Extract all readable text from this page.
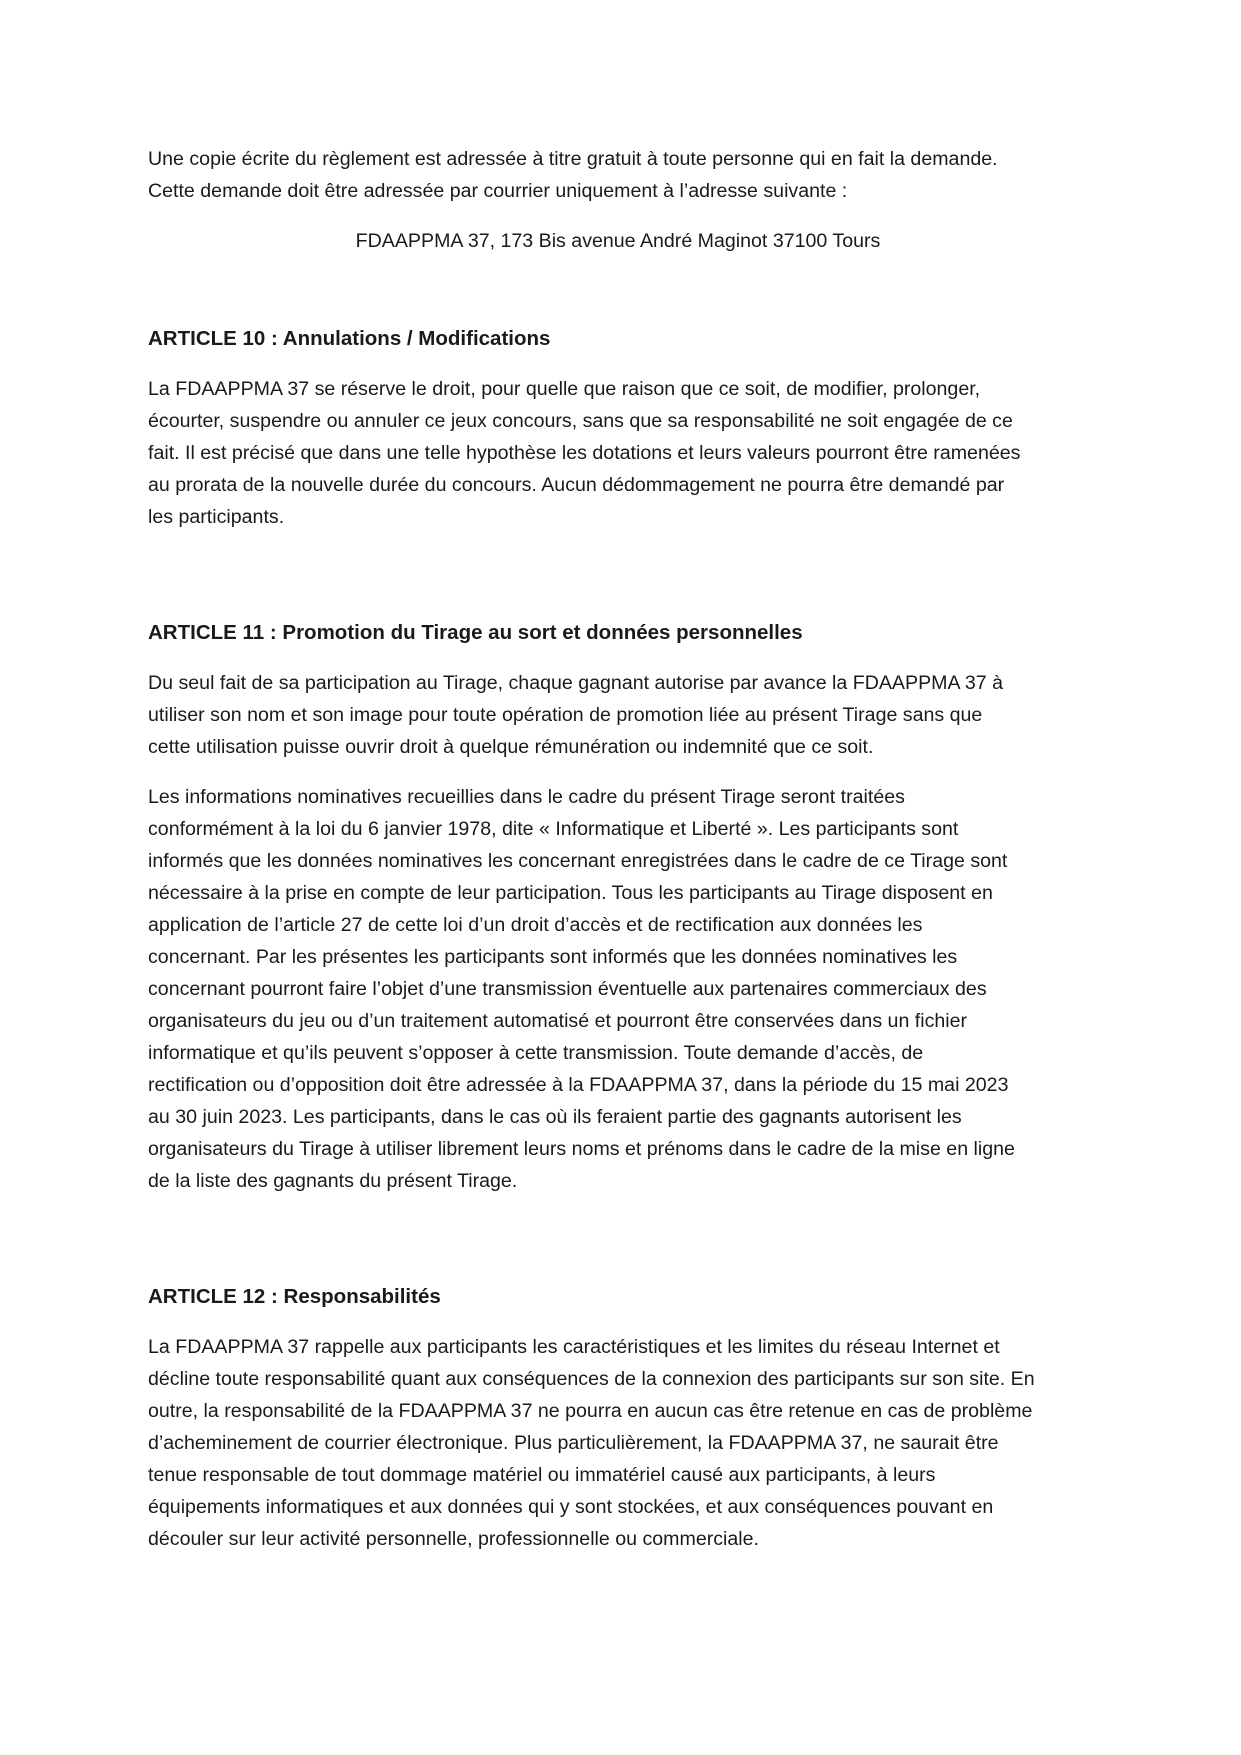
Une copie écrite du règlement est adressée à titre gratuit à toute personne qui en fait la demande.
Cette demande doit être adressée par courrier uniquement à l’adresse suivante :
FDAAPPMA 37, 173 Bis avenue André Maginot 37100 Tours
ARTICLE 10 : Annulations / Modifications
La FDAAPPMA 37 se réserve le droit, pour quelle que raison que ce soit, de modifier, prolonger,
écourter, suspendre ou annuler ce jeux concours, sans que sa responsabilité ne soit engagée de ce
fait. Il est précisé que dans une telle hypothèse les dotations et leurs valeurs pourront être ramenées
au prorata de la nouvelle durée du concours. Aucun dédommagement ne pourra être demandé par
les participants.
ARTICLE 11 : Promotion du Tirage au sort et données personnelles
Du seul fait de sa participation au Tirage, chaque gagnant autorise par avance la FDAAPPMA 37 à
utiliser son nom et son image pour toute opération de promotion liée au présent Tirage sans que
cette utilisation puisse ouvrir droit à quelque rémunération ou indemnité que ce soit.
Les informations nominatives recueillies dans le cadre du présent Tirage seront traitées
conformément à la loi du 6 janvier 1978, dite « Informatique et Liberté ». Les participants sont
informés que les données nominatives les concernant enregistrées dans le cadre de ce Tirage sont
nécessaire à la prise en compte de leur participation. Tous les participants au Tirage disposent en
application de l’article 27 de cette loi d’un droit d’accès et de rectification aux données les
concernant. Par les présentes les participants sont informés que les données nominatives les
concernant pourront faire l’objet d’une transmission éventuelle aux partenaires commerciaux des
organisateurs du jeu ou d’un traitement automatisé et pourront être conservées dans un fichier
informatique et qu’ils peuvent s’opposer à cette transmission. Toute demande d’accès, de
rectification ou d’opposition doit être adressée à la FDAAPPMA 37, dans la période du 15 mai 2023
au 30 juin 2023. Les participants, dans le cas où ils feraient partie des gagnants autorisent les
organisateurs du Tirage à utiliser librement leurs noms et prénoms dans le cadre de la mise en ligne
de la liste des gagnants du présent Tirage.
ARTICLE 12 : Responsabilités
La FDAAPPMA 37 rappelle aux participants les caractéristiques et les limites du réseau Internet et
décline toute responsabilité quant aux conséquences de la connexion des participants sur son site. En
outre, la responsabilité de la FDAAPPMA 37 ne pourra en aucun cas être retenue en cas de problème
d’acheminement de courrier électronique. Plus particulièrement, la FDAAPPMA 37, ne saurait être
tenue responsable de tout dommage matériel ou immatériel causé aux participants, à leurs
équipements informatiques et aux données qui y sont stockées, et aux conséquences pouvant en
découler sur leur activité personnelle, professionnelle ou commerciale.
